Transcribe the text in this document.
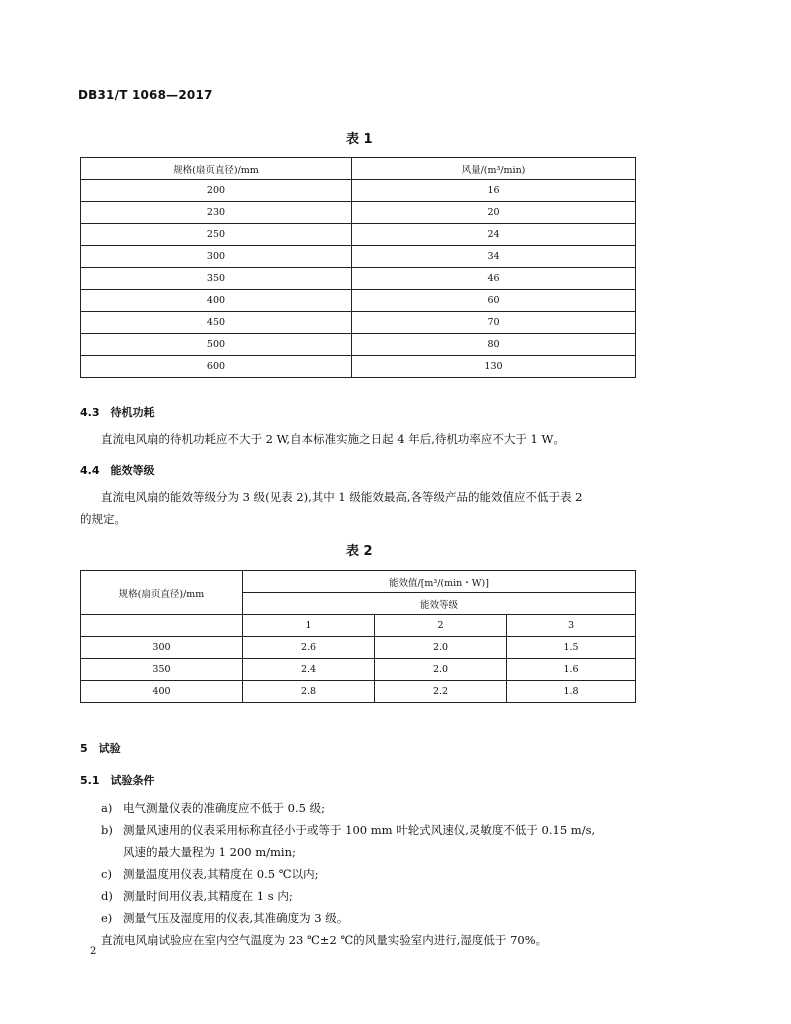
DB31/T 1068—2017
表 1
规格(扇页直径)/mm	风量/(m³/min)
200	16
230	20
250	24
300	34
350	46
400	60
450	70
500	80
600	130
4.3　待机功耗
直流电风扇的待机功耗应不大于 2 W,自本标准实施之日起 4 年后,待机功率应不大于 1 W。
4.4　能效等级
直流电风扇的能效等级分为 3 级(见表 2),其中 1 级能效最高,各等级产品的能效值应不低于表 2
的规定。
表 2
规格(扇页直径)/mm	能效值/[m³/(min・W)]		
	能效等级		
	1	2	3
300	2.6	2.0	1.5
350	2.4	2.0	1.6
400	2.8	2.2	1.8
5　试验
5.1　试验条件
a) 电气测量仪表的准确度应不低于 0.5 级;
b) 测量风速用的仪表采用标称直径小于或等于 100 mm 叶轮式风速仪,灵敏度不低于 0.15 m/s,
风速的最大量程为 1 200 m/min;
c) 测量温度用仪表,其精度在 0.5 ℃以内;
d) 测量时间用仪表,其精度在 1 s 内;
e) 测量气压及湿度用的仪表,其准确度为 3 级。
直流电风扇试验应在室内空气温度为 23 ℃±2 ℃的风量实验室内进行,湿度低于 70%。
2
